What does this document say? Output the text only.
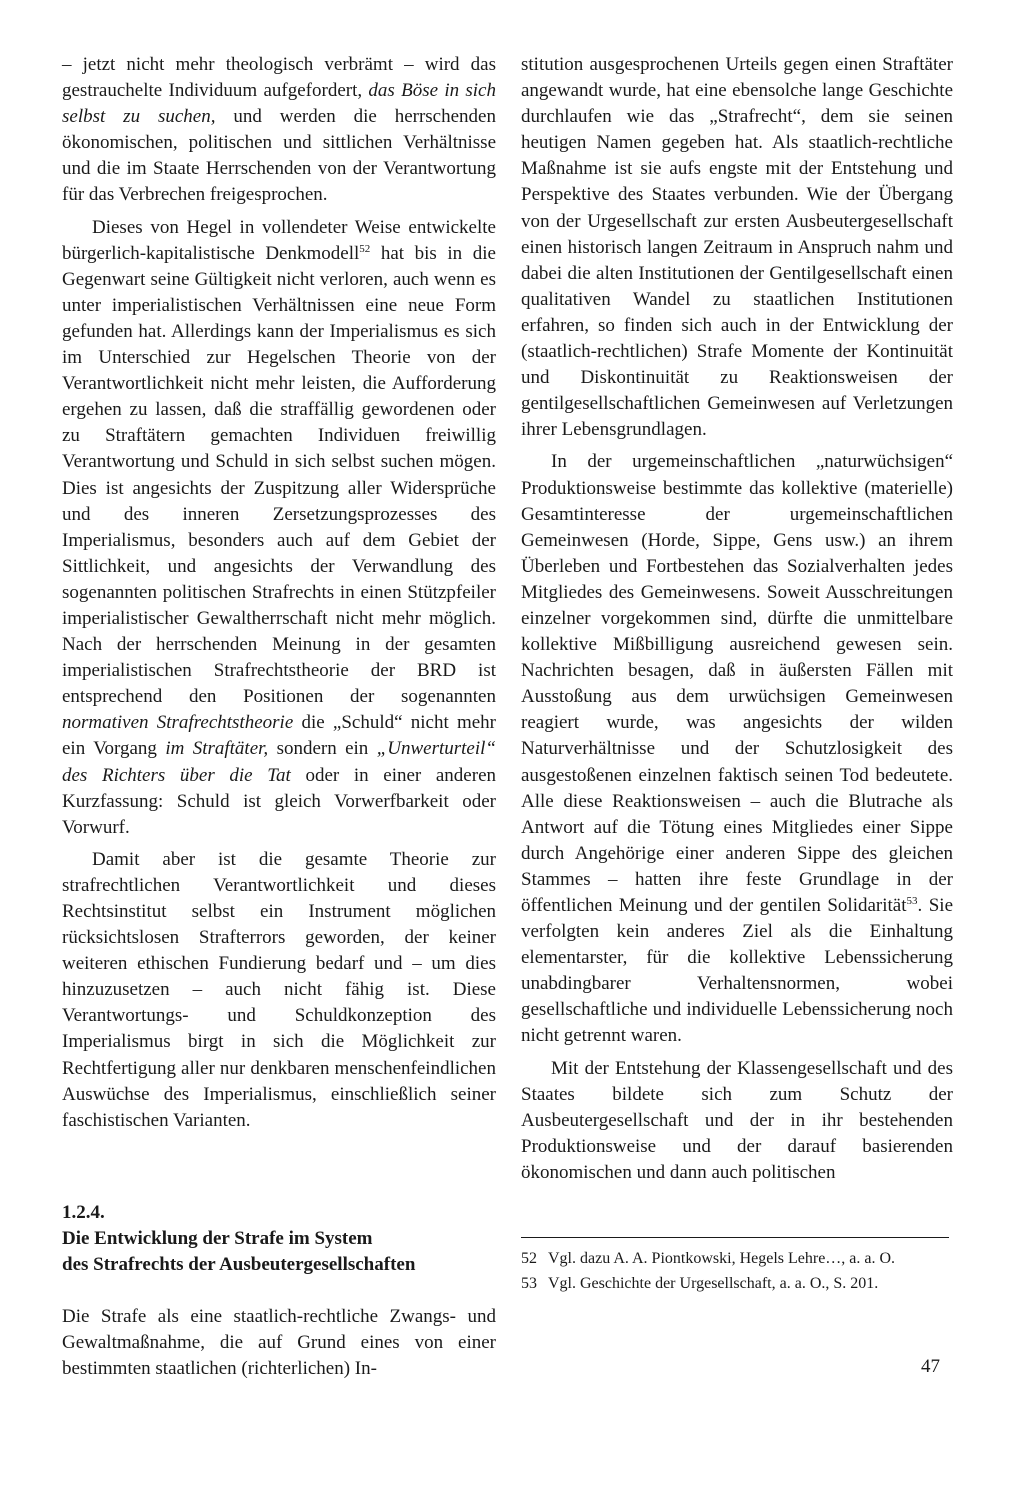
– jetzt nicht mehr theologisch verbrämt – wird das gestrauchelte Individuum aufgefordert, das Böse in sich selbst zu suchen, und werden die herrschenden ökonomischen, politischen und sittlichen Verhältnisse und die im Staate Herrschenden von der Verantwortung für das Verbrechen freigesprochen.

Dieses von Hegel in vollendeter Weise entwickelte bürgerlich-kapitalistische Denkmodell$^{52}$ hat bis in die Gegenwart seine Gültigkeit nicht verloren, auch wenn es unter imperialistischen Verhältnissen eine neue Form gefunden hat. Allerdings kann der Imperialismus es sich im Unterschied zur Hegelschen Theorie von der Verantwortlichkeit nicht mehr leisten, die Aufforderung ergehen zu lassen, daß die straffällig gewordenen oder zu Straftätern gemachten Individuen freiwillig Verantwortung und Schuld in sich selbst suchen mögen. Dies ist angesichts der Zuspitzung aller Widersprüche und des inneren Zersetzungsprozesses des Imperialismus, besonders auch auf dem Gebiet der Sittlichkeit, und angesichts der Verwandlung des sogenannten politischen Strafrechts in einen Stützpfeiler imperialistischer Gewaltherrschaft nicht mehr möglich. Nach der herrschenden Meinung in der gesamten imperialistischen Strafrechtstheorie der BRD ist entsprechend den Positionen der sogenannten normativen Strafrechtstheorie die „Schuld“ nicht mehr ein Vorgang im Straftäter, sondern ein „Unwerturteil“ des Richters über die Tat oder in einer anderen Kurzfassung: Schuld ist gleich Vorwerfbarkeit oder Vorwurf.

Damit aber ist die gesamte Theorie zur strafrechtlichen Verantwortlichkeit und dieses Rechtsinstitut selbst ein Instrument möglichen rücksichtslosen Strafterrors geworden, der keiner weiteren ethischen Fundierung bedarf und – um dies hinzuzusetzen – auch nicht fähig ist. Diese Verantwortungs- und Schuldkonzeption des Imperialismus birgt in sich die Möglichkeit zur Rechtfertigung aller nur denkbaren menschenfeindlichen Auswüchse des Imperialismus, einschließlich seiner faschistischen Varianten.

1.2.4.
Die Entwicklung der Strafe im System
des Strafrechts der Ausbeutergesellschaften

Die Strafe als eine staatlich-rechtliche Zwangs- und Gewaltmaßnahme, die auf Grund eines von einer bestimmten staatlichen (richterlichen) In-

stitution ausgesprochenen Urteils gegen einen Straftäter angewandt wurde, hat eine ebensolche lange Geschichte durchlaufen wie das „Strafrecht“, dem sie seinen heutigen Namen gegeben hat. Als staatlich-rechtliche Maßnahme ist sie aufs engste mit der Entstehung und Perspektive des Staates verbunden. Wie der Übergang von der Urgesellschaft zur ersten Ausbeutergesellschaft einen historisch langen Zeitraum in Anspruch nahm und dabei die alten Institutionen der Gentilgesellschaft einen qualitativen Wandel zu staatlichen Institutionen erfahren, so finden sich auch in der Entwicklung der (staatlich-rechtlichen) Strafe Momente der Kontinuität und Diskontinuität zu Reaktionsweisen der gentilgesellschaftlichen Gemeinwesen auf Verletzungen ihrer Lebensgrundlagen.

In der urgemeinschaftlichen „naturwüchsigen“ Produktionsweise bestimmte das kollektive (materielle) Gesamtinteresse der urgemeinschaftlichen Gemeinwesen (Horde, Sippe, Gens usw.) an ihrem Überleben und Fortbestehen das Sozialverhalten jedes Mitgliedes des Gemeinwesens. Soweit Ausschreitungen einzelner vorgekommen sind, dürfte die unmittelbare kollektive Mißbilligung ausreichend gewesen sein. Nachrichten besagen, daß in äußersten Fällen mit Ausstoßung aus dem urwüchsigen Gemeinwesen reagiert wurde, was angesichts der wilden Naturverhältnisse und der Schutzlosigkeit des ausgestoßenen einzelnen faktisch seinen Tod bedeutete. Alle diese Reaktionsweisen – auch die Blutrache als Antwort auf die Tötung eines Mitgliedes einer Sippe durch Angehörige einer anderen Sippe des gleichen Stammes – hatten ihre feste Grundlage in der öffentlichen Meinung und der gentilen Solidarität$^{53}$. Sie verfolgten kein anderes Ziel als die Einhaltung elementarster, für die kollektive Lebenssicherung unabdingbarer Verhaltensnormen, wobei gesellschaftliche und individuelle Lebenssicherung noch nicht getrennt waren.

Mit der Entstehung der Klassengesellschaft und des Staates bildete sich zum Schutz der Ausbeutergesellschaft und der in ihr bestehenden Produktionsweise und der darauf basierenden ökonomischen und dann auch politischen

52 Vgl. dazu A. A. Piontkowski, Hegels Lehre…, a. a. O.
53 Vgl. Geschichte der Urgesellschaft, a. a. O., S. 201.
47
